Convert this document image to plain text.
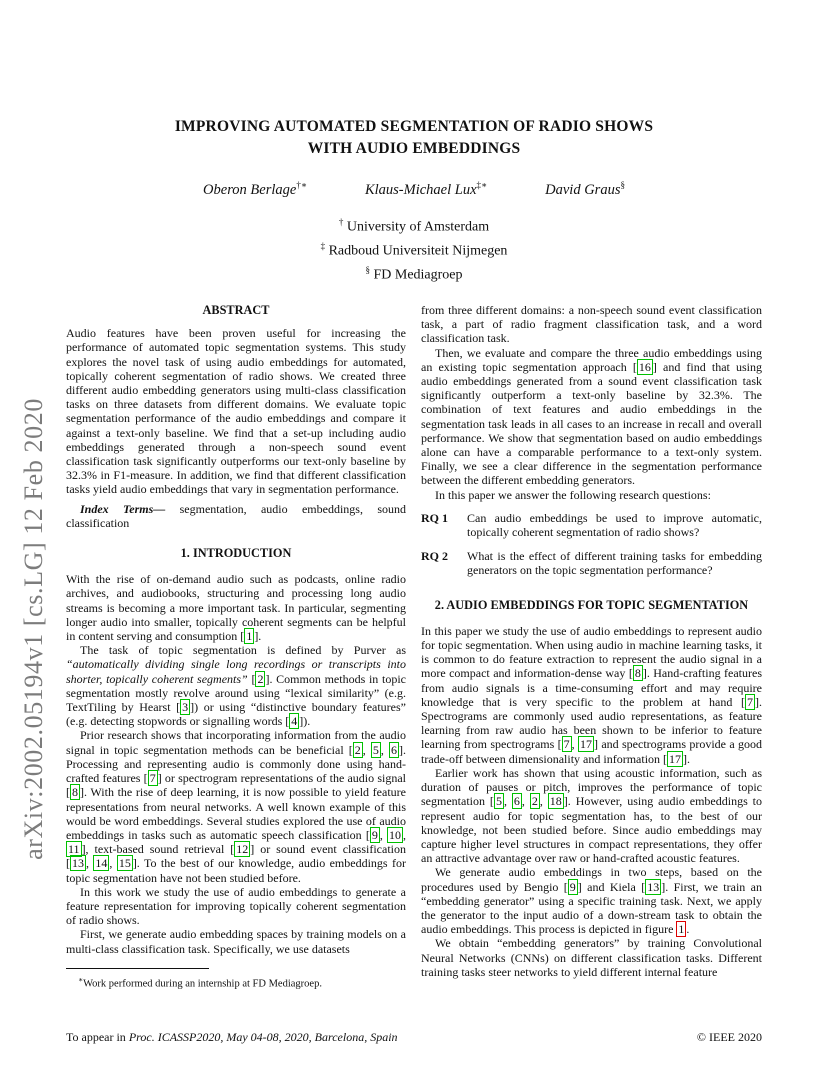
arXiv:2002.05194v1 [cs.LG] 12 Feb 2020
IMPROVING AUTOMATED SEGMENTATION OF RADIO SHOWS
WITH AUDIO EMBEDDINGS
Oberon Berlage†∗	Klaus-Michael Lux‡∗	David Graus§
† University of Amsterdam
‡ Radboud Universiteit Nijmegen
§ FD Mediagroep
ABSTRACT

Audio features have been proven useful for increasing the performance of automated topic segmentation systems. This study explores the novel task of using audio embeddings for automated, topically coherent segmentation of radio shows. We created three different audio embedding generators using multi-class classification tasks on three datasets from different domains. We evaluate topic segmentation performance of the audio embeddings and compare it against a text-only baseline. We find that a set-up including audio embeddings generated through a non-speech sound event classification task significantly outperforms our text-only baseline by 32.3% in F1-measure. In addition, we find that different classification tasks yield audio embeddings that vary in segmentation performance.

Index Terms— segmentation, audio embeddings, sound classification

1. INTRODUCTION

With the rise of on-demand audio such as podcasts, online radio archives, and audiobooks, structuring and processing long audio streams is becoming a more important task. In particular, segmenting longer audio into smaller, topically coherent segments can be helpful in content serving and consumption [ 1 ].

The task of topic segmentation is defined by Purver as “automatically dividing single long recordings or transcripts into shorter, topically coherent segments” [ 2 ]. Common methods in topic segmentation mostly revolve around using “lexical similarity” (e.g. TextTiling by Hearst [ 3 ]) or using “distinctive boundary features” (e.g. detecting stopwords or signalling words [ 4 ]).

Prior research shows that incorporating information from the audio signal in topic segmentation methods can be beneficial [ 2 , 5 , 6 ]. Processing and representing audio is commonly done using hand-crafted features [ 7 ] or spectrogram representations of the audio signal [ 8 ]. With the rise of deep learning, it is now possible to yield feature representations from neural networks. A well known example of this would be word embeddings. Several studies explored the use of audio embeddings in tasks such as automatic speech classification [ 9 , 10 , 11 ], text-based sound retrieval [ 12 ] or sound event classification [ 13 , 14 , 15 ]. To the best of our knowledge, audio embeddings for topic segmentation have not been studied before.

In this work we study the use of audio embeddings to generate a feature representation for improving topically coherent segmentation of radio shows.

First, we generate audio embedding spaces by training models on a multi-class classification task. Specifically, we use datasets

∗Work performed during an internship at FD Mediagroep.

from three different domains: a non-speech sound event classification task, a part of radio fragment classification task, and a word classification task.

Then, we evaluate and compare the three audio embeddings using an existing topic segmentation approach [ 16 ] and find that using audio embeddings generated from a sound event classification task significantly outperform a text-only baseline by 32.3%. The combination of text features and audio embeddings in the segmentation task leads in all cases to an increase in recall and overall performance. We show that segmentation based on audio embeddings alone can have a comparable performance to a text-only system. Finally, we see a clear difference in the segmentation performance between the different embedding generators.

In this paper we answer the following research questions:

RQ 1	Can audio embeddings be used to improve automatic, topically coherent segmentation of radio shows?
RQ 2	What is the effect of different training tasks for embedding generators on the topic segmentation performance?
2. AUDIO EMBEDDINGS FOR TOPIC SEGMENTATION

In this paper we study the use of audio embeddings to represent audio for topic segmentation. When using audio in machine learning tasks, it is common to do feature extraction to represent the audio signal in a more compact and information-dense way [ 8 ]. Hand-crafting features from audio signals is a time-consuming effort and may require knowledge that is very specific to the problem at hand [ 7 ]. Spectrograms are commonly used audio representations, as feature learning from raw audio has been shown to be inferior to feature learning from spectrograms [ 7 , 17 ] and spectrograms provide a good trade-off between dimensionality and information [ 17 ].

Earlier work has shown that using acoustic information, such as duration of pauses or pitch, improves the performance of topic segmentation [ 5 , 6 , 2 , 18 ]. However, using audio embeddings to represent audio for topic segmentation has, to the best of our knowledge, not been studied before. Since audio embeddings may capture higher level structures in compact representations, they offer an attractive advantage over raw or hand-crafted acoustic features.

We generate audio embeddings in two steps, based on the procedures used by Bengio [ 9 ] and Kiela [ 13 ]. First, we train an “embedding generator” using a specific training task. Next, we apply the generator to the input audio of a down-stream task to obtain the audio embeddings. This process is depicted in figure 1 .

We obtain “embedding generators” by training Convolutional Neural Networks (CNNs) on different classification tasks. Different training tasks steer networks to yield different internal feature

To appear in Proc. ICASSP2020, May 04-08, 2020, Barcelona, Spain	© IEEE 2020
